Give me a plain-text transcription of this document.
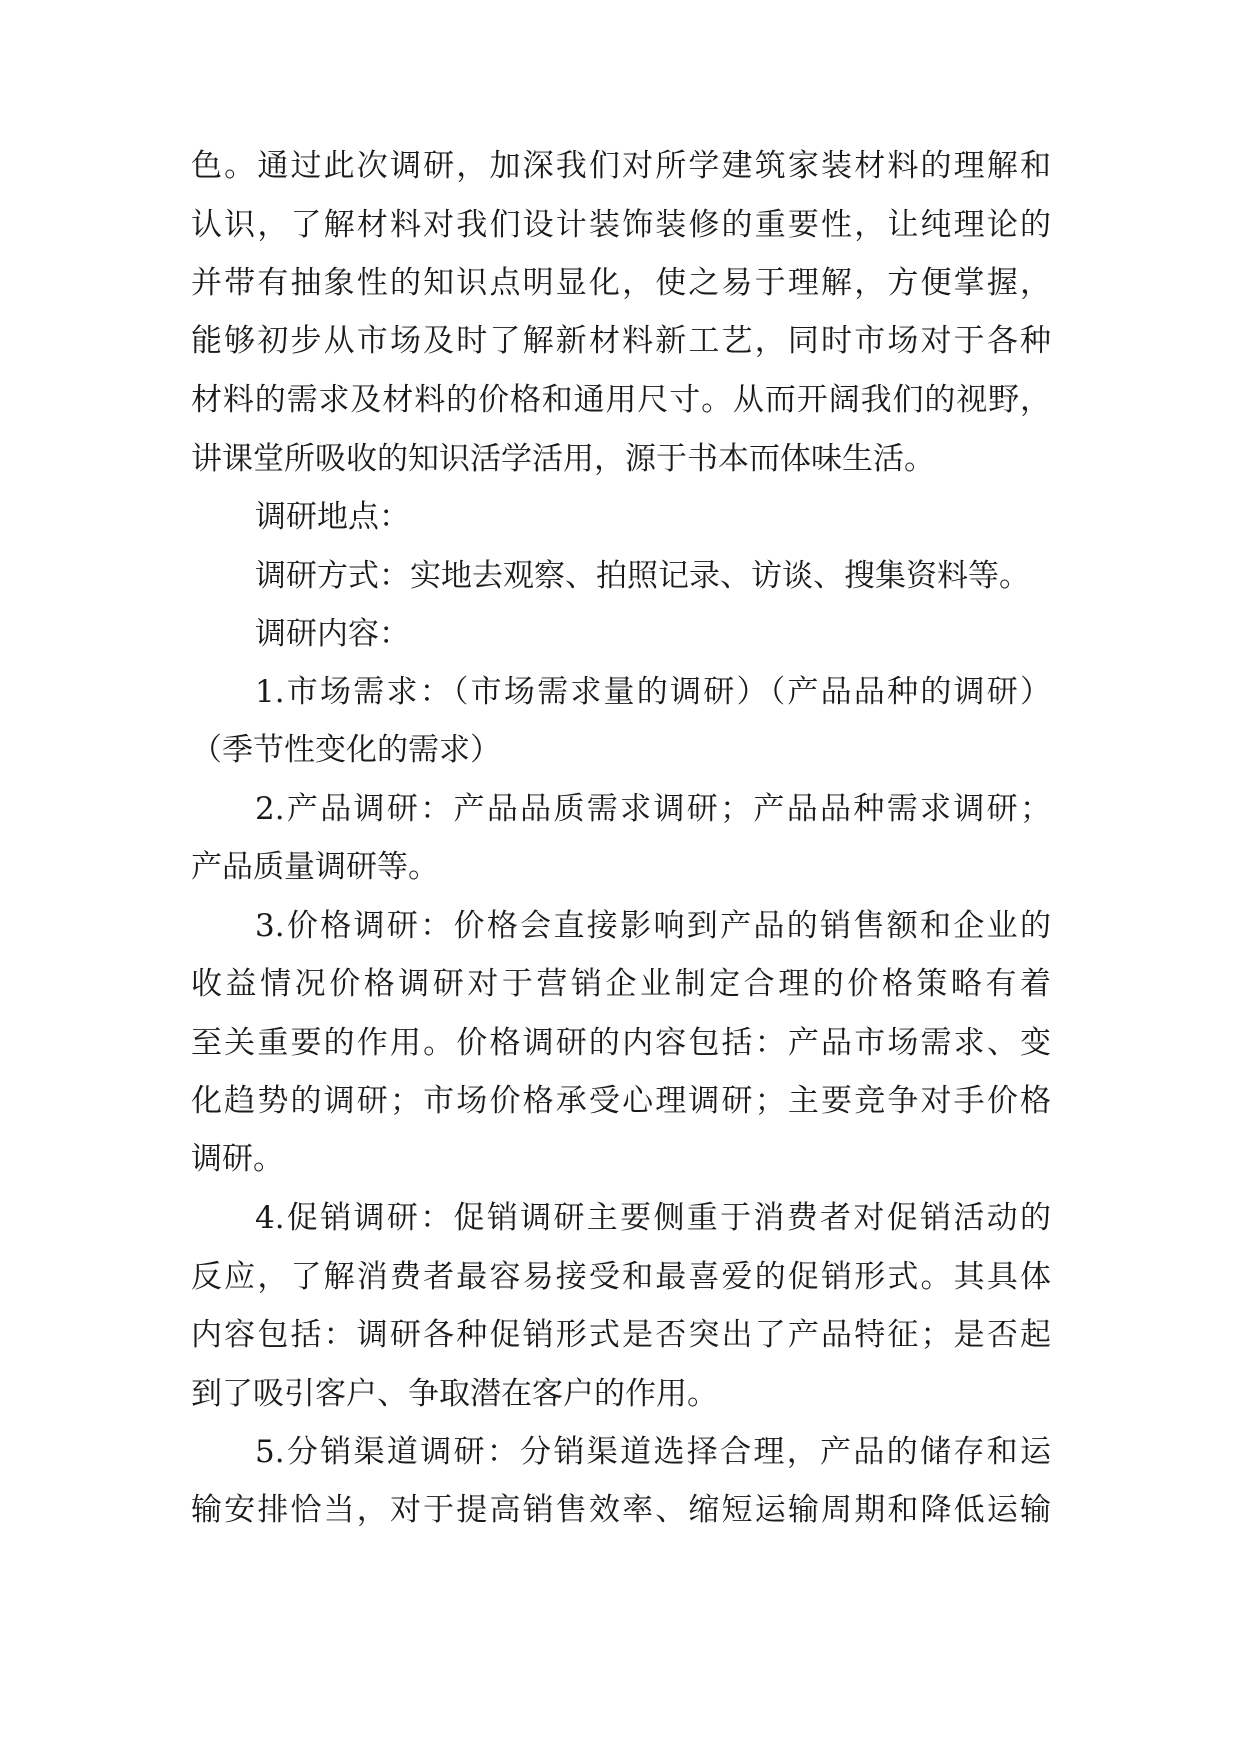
色。通过此次调研，加深我们对所学建筑家装材料的理解和
认识，了解材料对我们设计装饰装修的重要性，让纯理论的
并带有抽象性的知识点明显化，使之易于理解，方便掌握，
能够初步从市场及时了解新材料新工艺，同时市场对于各种
材料的需求及材料的价格和通用尺寸。从而开阔我们的视野，
讲课堂所吸收的知识活学活用，源于书本而体味生活。
调研地点：
调研方式：实地去观察、拍照记录、访谈、搜集资料等。
调研内容：
1.市场需求：（市场需求量的调研）（产品品种的调研）
（季节性变化的需求）
2.产品调研：产品品质需求调研；产品品种需求调研；
产品质量调研等。
3.价格调研：价格会直接影响到产品的销售额和企业的
收益情况价格调研对于营销企业制定合理的价格策略有着
至关重要的作用。价格调研的内容包括：产品市场需求、变
化趋势的调研；市场价格承受心理调研；主要竞争对手价格
调研。
4.促销调研：促销调研主要侧重于消费者对促销活动的
反应，了解消费者最容易接受和最喜爱的促销形式。其具体
内容包括：调研各种促销形式是否突出了产品特征；是否起
到了吸引客户、争取潜在客户的作用。
5.分销渠道调研：分销渠道选择合理，产品的储存和运
输安排恰当，对于提高销售效率、缩短运输周期和降低运输
